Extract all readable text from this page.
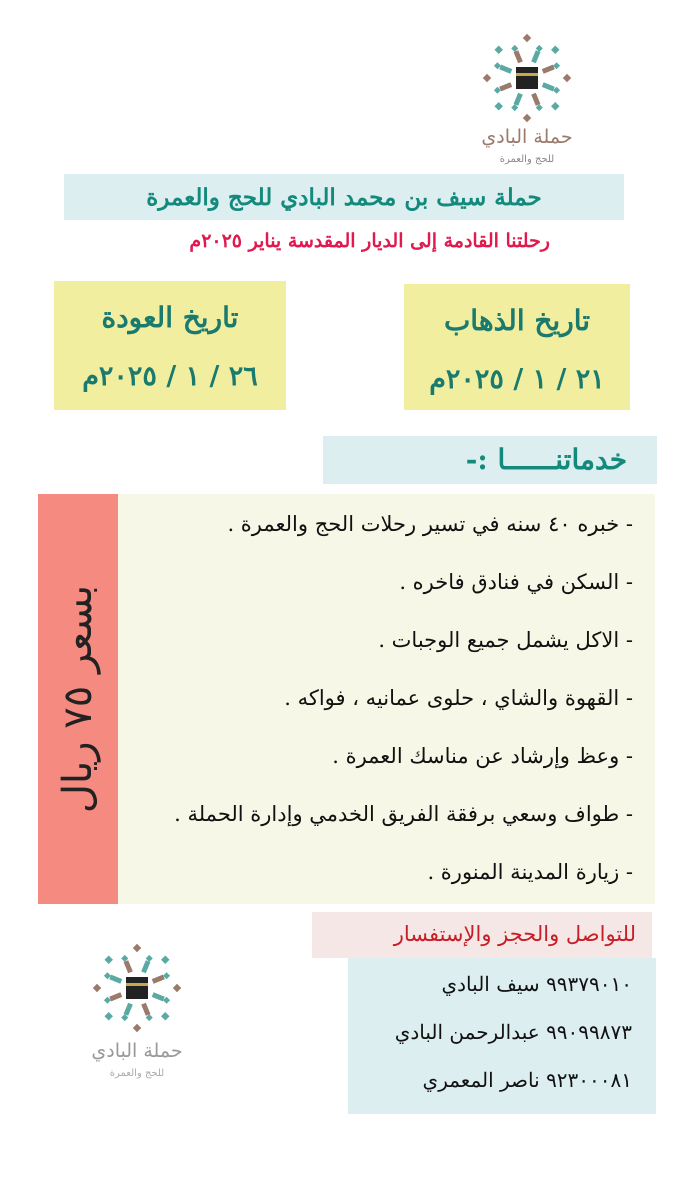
حملة البادي
للحج والعمرة
حملة سيف بن محمد البادي للحج والعمرة
رحلتنا القادمة إلى الديار المقدسة يناير ٢٠٢٥م
تاريخ العودة
٢٦ / ١ / ٢٠٢٥م
تاريخ الذهاب
٢١ / ١ / ٢٠٢٥م
خدماتنــــــا :-
بسعر ٧٥ ريال
- خبره ٤٠ سنه في تسير رحلات الحج والعمرة .
- السكن في فنادق فاخره .
- الاكل يشمل جميع الوجبات .
- القهوة والشاي ، حلوى عمانيه ، فواكه .
- وعظ وإرشاد عن مناسك العمرة .
- طواف وسعي برفقة الفريق الخدمي وإدارة الحملة .
- زيارة المدينة المنورة .
للتواصل والحجز والإستفسار
٩٩٣٧٩٠١٠ سيف البادي
٩٩٠٩٩٨٧٣ عبدالرحمن البادي
٩٢٣٠٠٠٨١ ناصر المعمري
حملة البادي
للحج والعمرة
